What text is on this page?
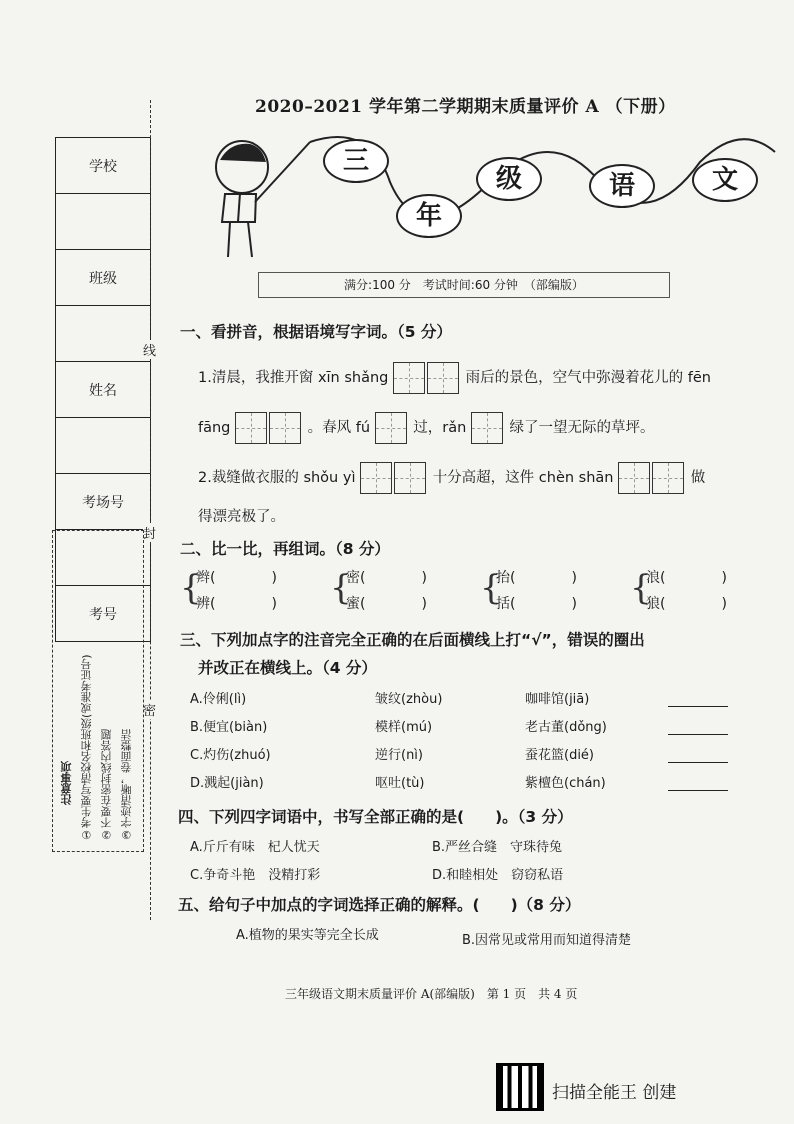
学校

班级

姓名

考场号

考号
线
封
密
注意事项 ①考生要写清校名和班级(或准考证号) ②不要在密封线内答题 ③字迹清晰，卷面整洁
2020–2021 学年第二学期期末质量评价 A （下册）
三
年
级	语	文
满分:100 分　考试时间:60 分钟　（部编版）
一、看拼音，根据语境写字词。（5 分）
1.清晨，我推开窗 xīn shǎng	雨后的景色，空气中弥漫着花儿的 fēn
fāng	。春风 fú	过，rǎn	绿了一望无际的草坪。
2.裁缝做衣服的 shǒu yì	十分高超，这件 chèn shān	做
得漂亮极了。
二、比一比，再组词。（8 分）
{
辫(　　　　)
辨(　　　　) {
密(　　　　)
蜜(　　　　) {
抬(　　　　)
括(　　　　) {
浪(　　　　)
狼(　　　　)
三、下列加点字的注音完全正确的在后面横线上打“√”，错误的圈出
并改正在横线上。（4 分）
A.伶俐(lì)	皱纹(zhòu)	咖啡馆(jiā)
B.便宜(biàn)	模样(mú)	老古董(dǒng)
C.灼伤(zhuó)	逆行(nì)	蚕花篮(dié)
D.溅起(jiàn)	呕吐(tù)	紫檀色(chán)
四、下列四字词语中，书写全部正确的是(　　)。（3 分）
A.斤斤有味　杞人忧天	B.严丝合缝　守珠待兔
C.争奇斗艳　没精打彩	D.和睦相处　窃窃私语
五、给句子中加点的字词选择正确的解释。(　　)（8 分）
A.植物的果实等完全长成	B.因常见或常用而知道得清楚
三年级语文期末质量评价 A(部编版)　第 1 页　共 4 页
扫描全能王 创建
